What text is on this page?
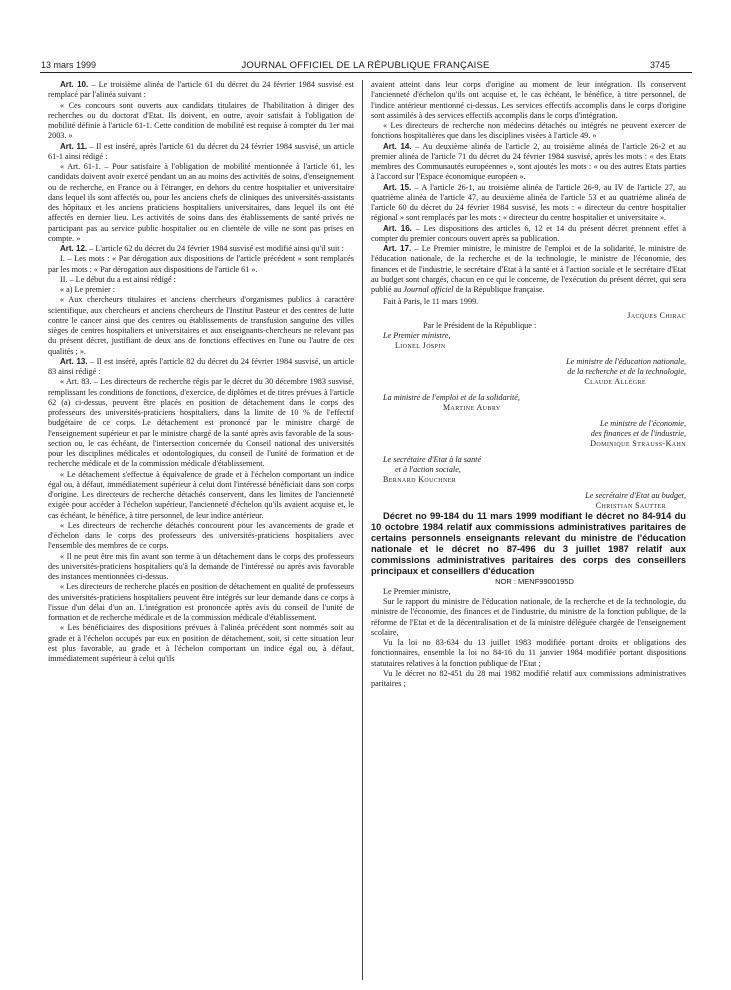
13 mars 1999	JOURNAL OFFICIEL DE LA RÉPUBLIQUE FRANÇAISE	3745

Art. 10. – Le troisième alinéa de l'article 61 du décret du 24 février 1984 susvisé est remplacé par l'alinéa suivant :

« Ces concours sont ouverts aux candidats titulaires de l'habilitation à diriger des recherches ou du doctorat d'Etat. Ils doivent, en outre, avoir satisfait à l'obligation de mobilité définie à l'article 61-1. Cette condition de mobilité est requise à compter du 1er mai 2003. »

Art. 11. – Il est inséré, après l'article 61 du décret du 24 février 1984 susvisé, un article 61-1 ainsi rédigé :

« Art. 61-1. – Pour satisfaire à l'obligation de mobilité mentionnée à l'article 61, les candidats doivent avoir exercé pendant un an au moins des activités de soins, d'enseignement ou de recherche, en France ou à l'étranger, en dehors du centre hospitalier et universitaire dans lequel ils sont affectés ou, pour les anciens chefs de cliniques des universités-assistants des hôpitaux et les anciens praticiens hospitaliers universitaires, dans lequel ils ont été affectés en dernier lieu. Les activités de soins dans des établissements de santé privés ne participant pas au service public hospitalier ou en clientèle de ville ne sont pas prises en compte. »

Art. 12. – L'article 62 du décret du 24 février 1984 susvisé est modifié ainsi qu'il suit :

I. – Les mots : « Par dérogation aux dispositions de l'article précédent » sont remplacés par les mots : « Par dérogation aux dispositions de l'article 61 ».

II. – Le début du a est ainsi rédigé :

« a) Le premier :

« Aux chercheurs titulaires et anciens chercheurs d'organismes publics à caractère scientifique, aux chercheurs et anciens chercheurs de l'Institut Pasteur et des centres de lutte contre le cancer ainsi que des centres ou établissements de transfusion sanguine des villes sièges de centres hospitaliers et universitaires et aux enseignants-chercheurs ne relevant pas du présent décret, justifiant de deux ans de fonctions effectives en l'une ou l'autre de ces qualités ; ».

Art. 13. – Il est inséré, après l'article 82 du décret du 24 février 1984 susvisé, un article 83 ainsi rédigé :

« Art. 83. – Les directeurs de recherche régis par le décret du 30 décembre 1983 susvisé, remplissant les conditions de fonctions, d'exercice, de diplômes et de titres prévues à l'article 62 (a) ci-dessus, peuvent être placés en position de détachement dans le corps des professeurs des universités-praticiens hospitaliers, dans la limite de 10 % de l'effectif budgétaire de ce corps. Le détachement est prononcé par le ministre chargé de l'enseignement supérieur et par le ministre chargé de la santé après avis favorable de la sous-section ou, le cas échéant, de l'intersection concernée du Conseil national des universités pour les disciplines médicales et odontologiques, du conseil de l'unité de formation et de recherche médicale et de la commission médicale d'établissement.

« Le détachement s'effectue à équivalence de grade et à l'échelon comportant un indice égal ou, à défaut, immédiatement supérieur à celui dont l'intéressé bénéficiait dans son corps d'origine. Les directeurs de recherche détachés conservent, dans les limites de l'ancienneté exigée pour accéder à l'échelon supérieur, l'ancienneté d'échelon qu'ils avaient acquise et, le cas échéant, le bénéfice, à titre personnel, de leur indice antérieur.

« Les directeurs de recherche détachés concourent pour les avancements de grade et d'échelon dans le corps des professeurs des universités-praticiens hospitaliers avec l'ensemble des membres de ce corps.

« Il ne peut être mis fin avant son terme à un détachement dans le corps des professeurs des universités-praticiens hospitaliers qu'à la demande de l'intéressé ou après avis favorable des instances mentionnées ci-dessus.

« Les directeurs de recherche placés en position de détachement en qualité de professeurs des universités-praticiens hospitaliers peuvent être intégrés sur leur demande dans ce corps à l'issue d'un délai d'un an. L'intégration est prononcée après avis du conseil de l'unité de formation et de recherche médicale et de la commission médicale d'établissement.

« Les bénéficiaires des dispositions prévues à l'alinéa précédent sont nommés soit au grade et à l'échelon occupés par eux en position de détachement, soit, si cette situation leur est plus favorable, au grade et à l'échelon comportant un indice égal ou, à défaut, immédiatement supérieur à celui qu'ils

avaient atteint dans leur corps d'origine au moment de leur intégration. Ils conservent l'ancienneté d'échelon qu'ils ont acquise et, le cas échéant, le bénéfice, à titre personnel, de l'indice antérieur mentionné ci-dessus. Les services effectifs accomplis dans le corps d'origine sont assimilés à des services effectifs accomplis dans le corps d'intégration.

« Les directeurs de recherche non médecins détachés ou intégrés ne peuvent exercer de fonctions hospitalières que dans les disciplines visées à l'article 49. »

Art. 14. – Au deuxième alinéa de l'article 2, au troisième alinéa de l'article 26-2 et au premier alinéa de l'article 71 du décret du 24 février 1984 susvisé, après les mots : « des Etats membres des Communautés européennes », sont ajoutés les mots : « ou des autres Etats parties à l'accord sur l'Espace économique européen ».

Art. 15. – A l'article 26-1, au troisième alinéa de l'article 26-9, au IV de l'article 27, au quatrième alinéa de l'article 47, au deuxième alinéa de l'article 53 et au quatrième alinéa de l'article 60 du décret du 24 février 1984 susvisé, les mots : « directeur du centre hospitalier régional » sont remplacés par les mots : « directeur du centre hospitalier et universitaire ».

Art. 16. – Les dispositions des articles 6, 12 et 14 du présent décret prennent effet à compter du premier concours ouvert après sa publication.

Art. 17. – Le Premier ministre, le ministre de l'emploi et de la solidarité, le ministre de l'éducation nationale, de la recherche et de la technologie, le ministre de l'économie, des finances et de l'industrie, le secrétaire d'Etat à la santé et à l'action sociale et le secrétaire d'Etat au budget sont chargés, chacun en ce qui le concerne, de l'exécution du présent décret, qui sera publié au Journal officiel de la République française.

Fait à Paris, le 11 mars 1999.

Jacques Chirac

Par le Président de la République :

Le Premier ministre,

Lionel Jospin

Le ministre de l'éducation nationale,

de la recherche et de la technologie,

Claude Allègre

La ministre de l'emploi et de la solidarité,

Martine Aubry

Le ministre de l'économie,

des finances et de l'industrie,

Dominique Strauss-Kahn

Le secrétaire d'Etat à la santé

et à l'action sociale,

Bernard Kouchner

Le secrétaire d'Etat au budget,

Christian Sautter

Décret no 99-184 du 11 mars 1999 modifiant le décret no 84-914 du 10 octobre 1984 relatif aux commissions administratives paritaires de certains personnels enseignants relevant du ministre de l'éducation nationale et le décret no 87-496 du 3 juillet 1987 relatif aux commissions administratives paritaires des corps des conseillers principaux et conseillers d'éducation

NOR : MENF9900195D

Le Premier ministre,

Sur le rapport du ministre de l'éducation nationale, de la recherche et de la technologie, du ministre de l'économie, des finances et de l'industrie, du ministre de la fonction publique, de la réforme de l'Etat et de la décentralisation et de la ministre déléguée chargée de l'enseignement scolaire,

Vu la loi no 83-634 du 13 juillet 1983 modifiée portant droits et obligations des fonctionnaires, ensemble la loi no 84-16 du 11 janvier 1984 modifiée portant dispositions statutaires relatives à la fonction publique de l'Etat ;

Vu le décret no 82-451 du 28 mai 1982 modifié relatif aux commissions administratives paritaires ;
